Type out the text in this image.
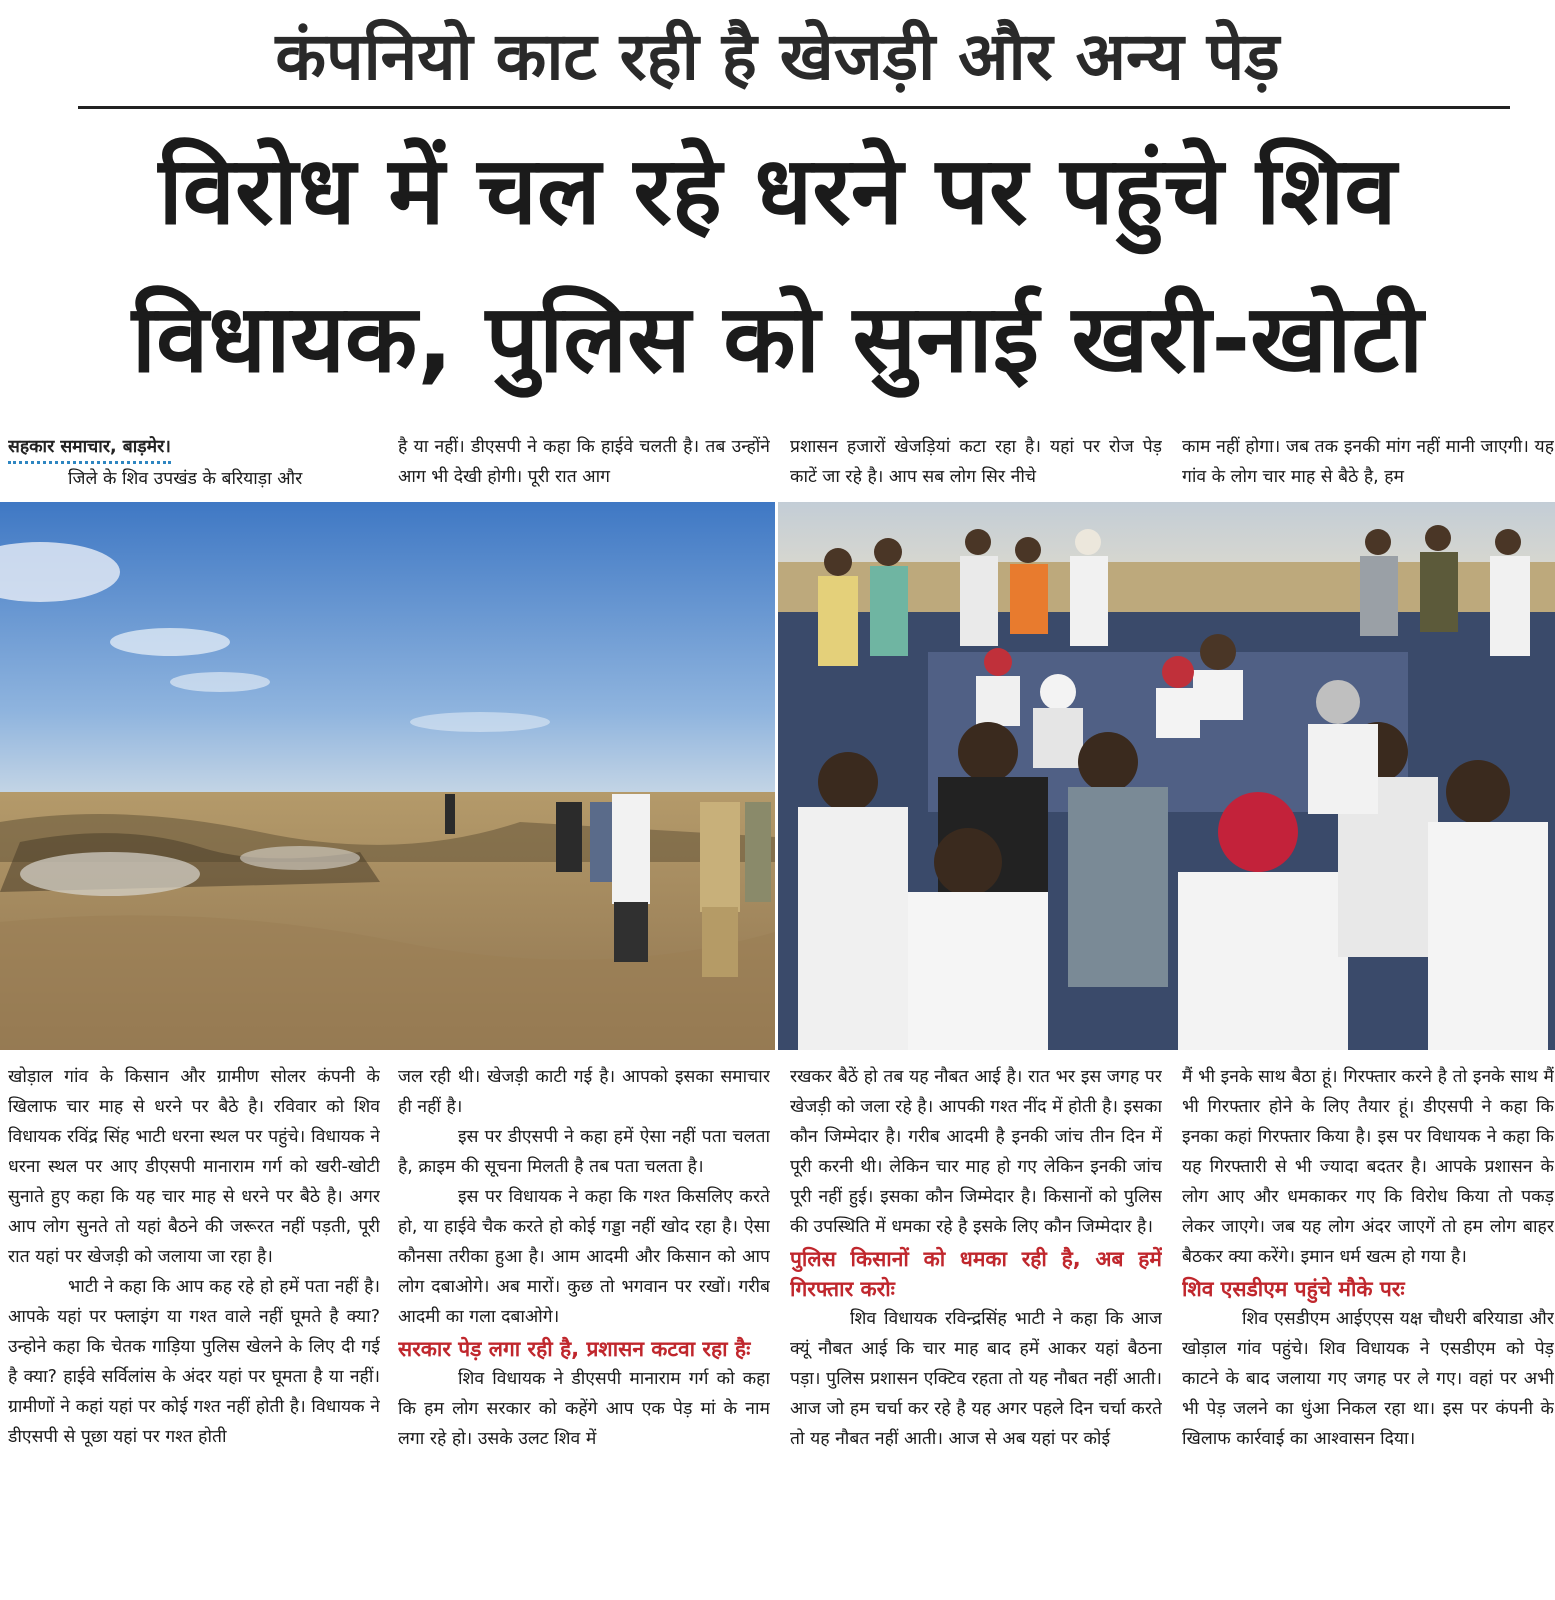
कंपनियो काट रही है खेजड़ी और अन्य पेड़
विरोध में चल रहे धरने पर पहुंचे शिव
विधायक, पुलिस को सुनाई खरी-खोटी
सहकार समाचार, बाड़मेर।

जिले के शिव उपखंड के बरियाड़ा और

है या नहीं। डीएसपी ने कहा कि हाईवे चलती है। तब उन्होंने आग भी देखी होगी। पूरी रात आग

प्रशासन हजारों खेजड़ियां कटा रहा है। यहां पर रोज पेड़ काटें जा रहे है। आप सब लोग सिर नीचे

काम नहीं होगा। जब तक इनकी मांग नहीं मानी जाएगी। यह गांव के लोग चार माह से बैठे है, हम

खोड़ाल गांव के किसान और ग्रामीण सोलर कंपनी के खिलाफ चार माह से धरने पर बैठे है। रविवार को शिव विधायक रविंद्र सिंह भाटी धरना स्थल पर पहुंचे। विधायक ने धरना स्थल पर आए डीएसपी मानाराम गर्ग को खरी-खोटी सुनाते हुए कहा कि यह चार माह से धरने पर बैठे है। अगर आप लोग सुनते तो यहां बैठने की जरूरत नहीं पड़ती, पूरी रात यहां पर खेजड़ी को जलाया जा रहा है।

भाटी ने कहा कि आप कह रहे हो हमें पता नहीं है। आपके यहां पर फ्लाइंग या गश्त वाले नहीं घूमते है क्या? उन्होने कहा कि चेतक गाड़िया पुलिस खेलने के लिए दी गई है क्या? हाईवे सर्विलांस के अंदर यहां पर घूमता है या नहीं। ग्रामीणों ने कहां यहां पर कोई गश्त नहीं होती है। विधायक ने डीएसपी से पूछा यहां पर गश्त होती

जल रही थी। खेजड़ी काटी गई है। आपको इसका समाचार ही नहीं है।

इस पर डीएसपी ने कहा हमें ऐसा नहीं पता चलता है, क्राइम की सूचना मिलती है तब पता चलता है।

इस पर विधायक ने कहा कि गश्त किसलिए करते हो, या हाईवे चैक करते हो कोई गड्डा नहीं खोद रहा है। ऐसा कौनसा तरीका हुआ है। आम आदमी और किसान को आप लोग दबाओगे। अब मारों। कुछ तो भगवान पर रखों। गरीब आदमी का गला दबाओगे।

सरकार पेड़ लगा रही है, प्रशासन कटवा रहा हैः

शिव विधायक ने डीएसपी मानाराम गर्ग को कहा कि हम लोग सरकार को कहेंगे आप एक पेड़ मां के नाम लगा रहे हो। उसके उलट शिव में

रखकर बैठें हो तब यह नौबत आई है। रात भर इस जगह पर खेजड़ी को जला रहे है। आपकी गश्त नींद में होती है। इसका कौन जिम्मेदार है। गरीब आदमी है इनकी जांच तीन दिन में पूरी करनी थी। लेकिन चार माह हो गए लेकिन इनकी जांच पूरी नहीं हुई। इसका कौन जिम्मेदार है। किसानों को पुलिस की उपस्थिति में धमका रहे है इसके लिए कौन जिम्मेदार है।

पुलिस किसानों को धमका रही है, अब हमें गिरफ्तार करोः

शिव विधायक रविन्द्रसिंह भाटी ने कहा कि आज क्यूं नौबत आई कि चार माह बाद हमें आकर यहां बैठना पड़ा। पुलिस प्रशासन एक्टिव रहता तो यह नौबत नहीं आती। आज जो हम चर्चा कर रहे है यह अगर पहले दिन चर्चा करते तो यह नौबत नहीं आती। आज से अब यहां पर कोई

मैं भी इनके साथ बैठा हूं। गिरफ्तार करने है तो इनके साथ मैं भी गिरफ्तार होने के लिए तैयार हूं। डीएसपी ने कहा कि इनका कहां गिरफ्तार किया है। इस पर विधायक ने कहा कि यह गिरफ्तारी से भी ज्यादा बदतर है। आपके प्रशासन के लोग आए और धमकाकर गए कि विरोध किया तो पकड़ लेकर जाएगे। जब यह लोग अंदर जाएगें तो हम लोग बाहर बैठकर क्या करेंगे। इमान धर्म खत्म हो गया है।

शिव एसडीएम पहुंचे मौके परः

शिव एसडीएम आईएएस यक्ष चौधरी बरियाडा और खोड़ाल गांव पहुंचे। शिव विधायक ने एसडीएम को पेड़ काटने के बाद जलाया गए जगह पर ले गए। वहां पर अभी भी पेड़ जलने का धुंआ निकल रहा था। इस पर कंपनी के खिलाफ कार्रवाई का आश्वासन दिया।
